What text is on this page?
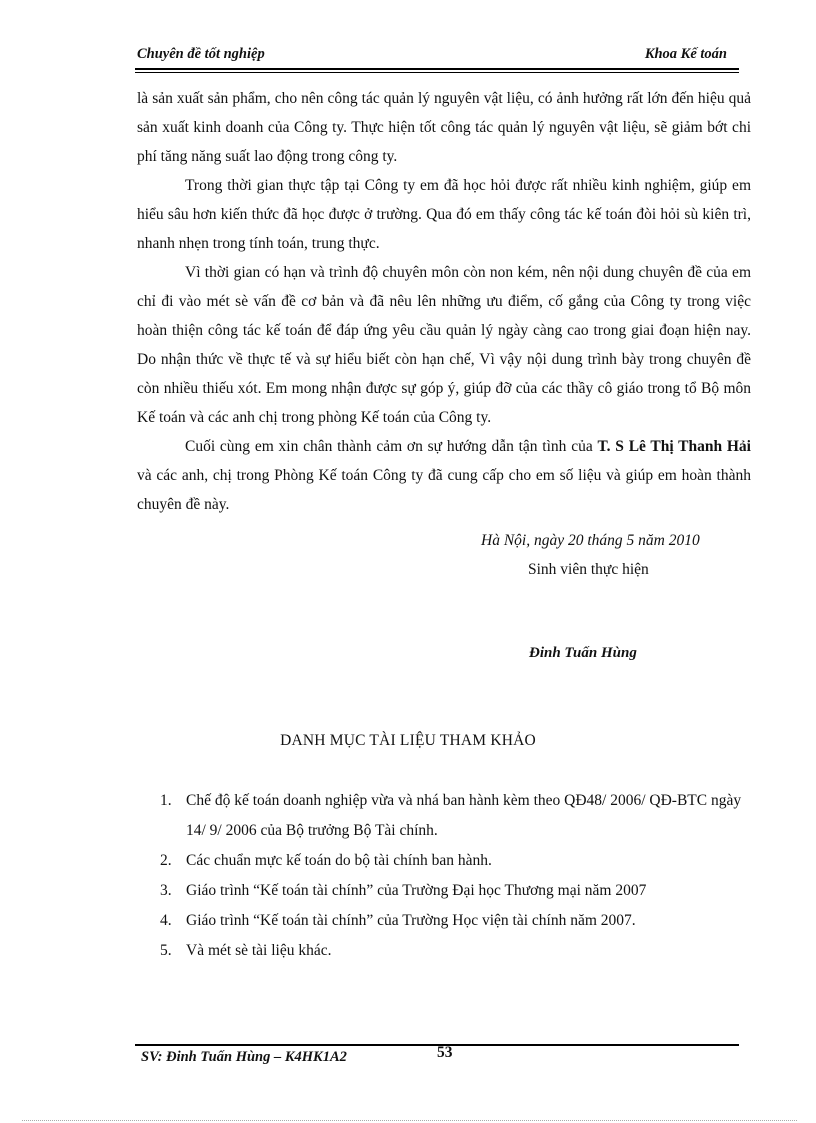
Chuyên đề tốt nghiệp	Khoa Kế toán

là sản xuất sản phẩm, cho nên công tác quản lý nguyên vật liệu, có ảnh hưởng rất lớn đến hiệu quả sản xuất kinh doanh của Công ty. Thực hiện tốt công tác quản lý nguyên vật liệu, sẽ giảm bớt chi phí tăng năng suất lao động trong công ty.

Trong thời gian thực tập tại Công ty em đã học hỏi được rất nhiều kinh nghiệm, giúp em hiểu sâu hơn kiến thức đã học được ở trường. Qua đó em thấy công tác kế toán đòi hỏi sù kiên trì, nhanh nhẹn trong tính toán, trung thực.

Vì thời gian có hạn và trình độ chuyên môn còn non kém, nên nội dung chuyên đề của em chỉ đi vào mét sè vấn đề cơ bản và đã nêu lên những ưu điểm, cố gắng của Công ty trong việc hoàn thiện công tác kế toán để đáp ứng yêu cầu quản lý ngày càng cao trong giai đoạn hiện nay. Do nhận thức về thực tế và sự hiểu biết còn hạn chế, Vì vậy nội dung trình bày trong chuyên đề còn nhiều thiếu xót. Em mong nhận được sự góp ý, giúp đỡ của các thầy cô giáo trong tổ Bộ môn Kế toán và các anh chị trong phòng Kế toán của Công ty.

Cuối cùng em xin chân thành cảm ơn sự hướng dẫn tận tình của T. S Lê Thị Thanh Hải và các anh, chị trong Phòng Kế toán Công ty đã cung cấp cho em số liệu và giúp em hoàn thành chuyên đề này.

Hà Nội, ngày 20 tháng 5 năm 2010
Sinh viên thực hiện
Đinh Tuấn Hùng
DANH MỤC TÀI LIỆU THAM KHẢO
1. Chế độ kế toán doanh nghiệp vừa và nhá ban hành kèm theo QĐ48/ 2006/ QĐ-BTC ngày 14/ 9/ 2006 của Bộ trưởng Bộ Tài chính.
2. Các chuẩn mực kế toán do bộ tài chính ban hành.
3. Giáo trình “Kế toán tài chính” của Trường Đại học Thương mại năm 2007
4. Giáo trình “Kế toán tài chính” của Trường Học viện tài chính năm 2007.
5. Và mét sè tài liệu khác.
SV: Đinh Tuấn Hùng – K4HK1A2	53
